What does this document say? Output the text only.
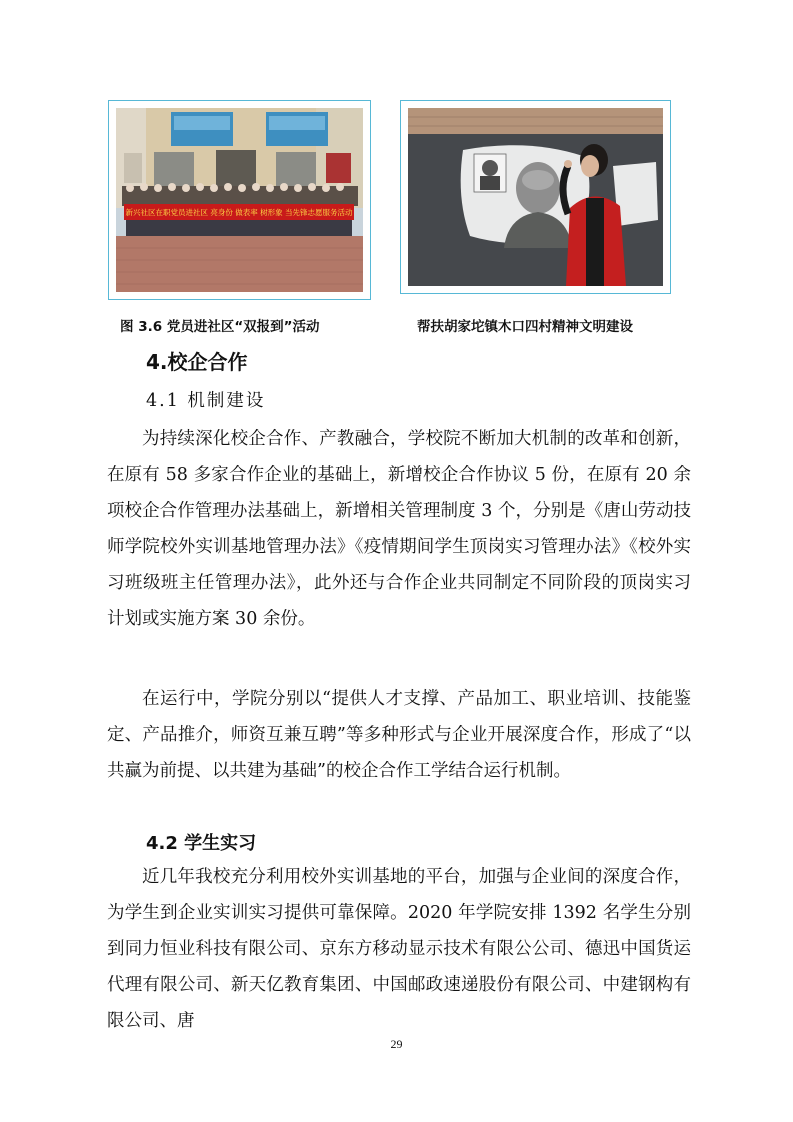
新兴社区在职党员进社区 亮身份 做表率 树形象 当先锋志愿服务活动
图 3.6 党员进社区“双报到”活动	帮扶胡家坨镇木口四村精神文明建设
4.校企合作
4.1 机制建设

为持续深化校企合作、产教融合，学校院不断加大机制的改革和创新，在原有 58 多家合作企业的基础上，新增校企合作协议 5 份，在原有 20 余项校企合作管理办法基础上，新增相关管理制度 3 个，分别是《唐山劳动技师学院校外实训基地管理办法》《疫情期间学生顶岗实习管理办法》《校外实习班级班主任管理办法》，此外还与合作企业共同制定不同阶段的顶岗实习计划或实施方案 30 余份。

在运行中，学院分别以“提供人才支撑、产品加工、职业培训、技能鉴定、产品推介，师资互兼互聘”等多种形式与企业开展深度合作，形成了“以共赢为前提、以共建为基础”的校企合作工学结合运行机制。

4.2 学生实习

近几年我校充分利用校外实训基地的平台，加强与企业间的深度合作，为学生到企业实训实习提供可靠保障。2020 年学院安排 1392 名学生分别到同力恒业科技有限公司、京东方移动显示技术有限公公司、德迅中国货运代理有限公司、新天亿教育集团、中国邮政速递股份有限公司、中建钢构有限公司、唐

29
